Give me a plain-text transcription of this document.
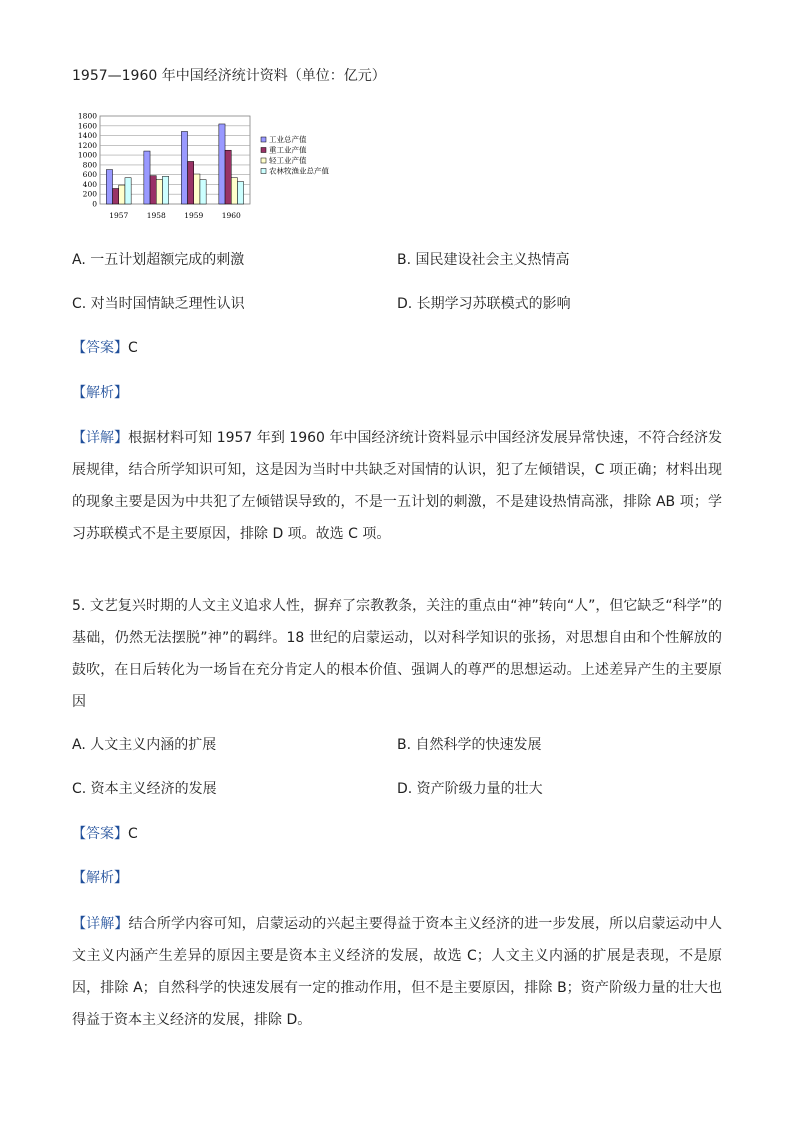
1957—1960 年中国经济统计资料（单位：亿元）
0
200
400
600
800
1000
1200
1400
1600
1800
1957 1958 1959 1960
工业总产值
重工业产值
轻工业产值
农林牧渔业总产值
A. 一五计划超额完成的刺激	B. 国民建设社会主义热情高
C. 对当时国情缺乏理性认识	D. 长期学习苏联模式的影响
【答案】C
【解析】
【详解】根据材料可知 1957 年到 1960 年中国经济统计资料显示中国经济发展异常快速，不符合经济发展规律，结合所学知识可知，这是因为当时中共缺乏对国情的认识，犯了左倾错误，C 项正确；材料出现的现象主要是因为中共犯了左倾错误导致的，不是一五计划的刺激，不是建设热情高涨，排除 AB 项；学习苏联模式不是主要原因，排除 D 项。故选 C 项。
5. 文艺复兴时期的人文主义追求人性，摒弃了宗教教条，关注的重点由“神”转向“人”，但它缺乏“科学”的基础，仍然无法摆脱”神”的羁绊。18 世纪的启蒙运动，以对科学知识的张扬，对思想自由和个性解放的鼓吹，在日后转化为一场旨在充分肯定人的根本价值、强调人的尊严的思想运动。上述差异产生的主要原因
A. 人文主义内涵的扩展	B. 自然科学的快速发展
C. 资本主义经济的发展	D. 资产阶级力量的壮大
【答案】C
【解析】
【详解】结合所学内容可知，启蒙运动的兴起主要得益于资本主义经济的进一步发展，所以启蒙运动中人文主义内涵产生差异的原因主要是资本主义经济的发展，故选 C；人文主义内涵的扩展是表现，不是原因，排除 A；自然科学的快速发展有一定的推动作用，但不是主要原因，排除 B；资产阶级力量的壮大也得益于资本主义经济的发展，排除 D。
